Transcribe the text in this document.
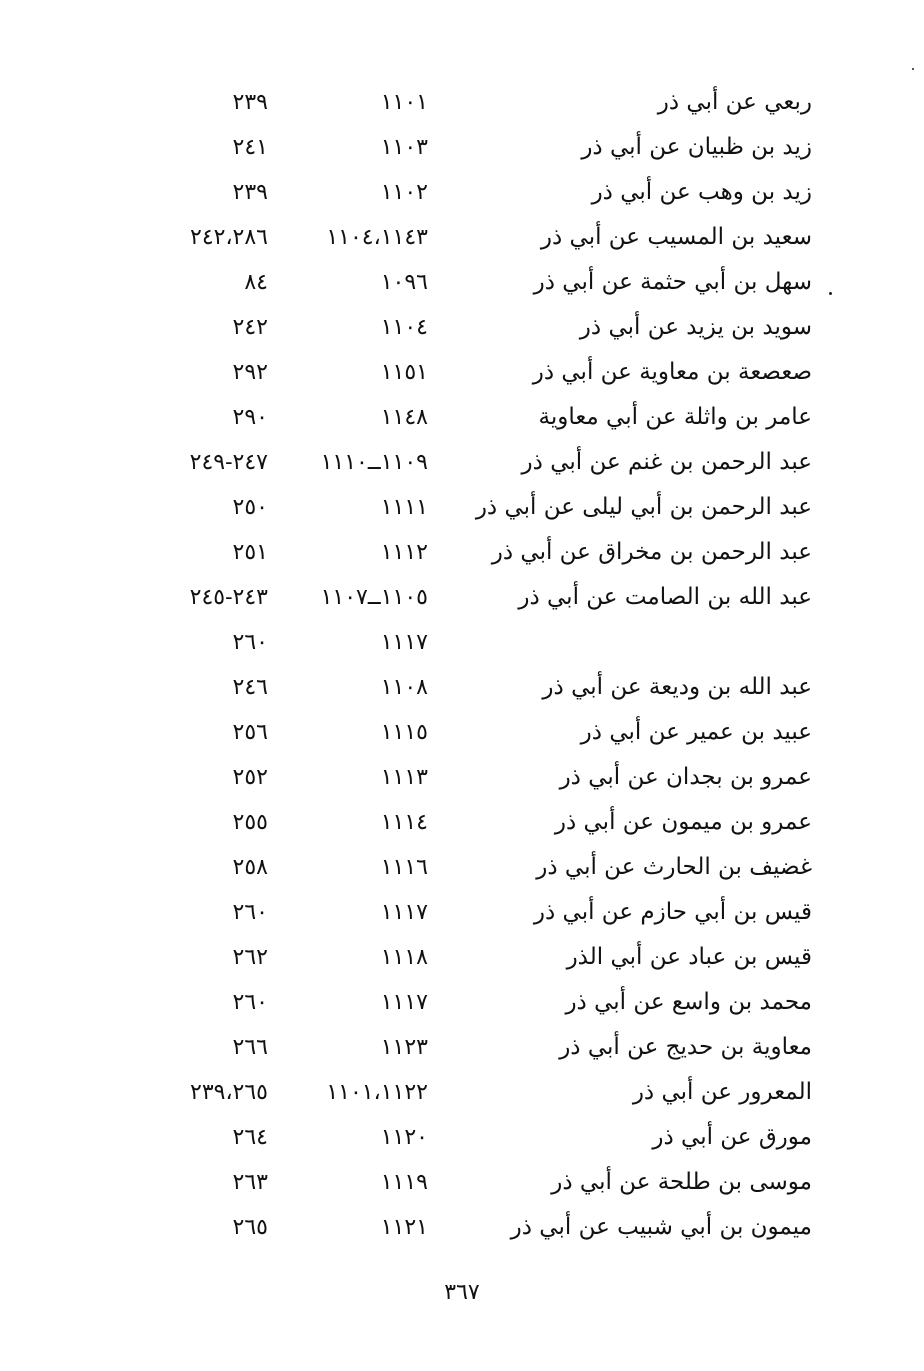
ربعي عن أبي ذر
١١٠١
٢٣٩
زيد بن ظبيان عن أبي ذر
١١٠٣
٢٤١
زيد بن وهب عن أبي ذر
١١٠٢
٢٣٩
سعيد بن المسيب عن أبي ذر
١١٠٤،١١٤٣
٢٤٢،٢٨٦
سهل بن أبي حثمة عن أبي ذر
١٠٩٦
٨٤
سويد بن يزيد عن أبي ذر
١١٠٤
٢٤٢
صعصعة بن معاوية عن أبي ذر
١١٥١
٢٩٢
عامر بن واثلة عن أبي معاوية
١١٤٨
٢٩٠
عبد الرحمن بن غنم عن أبي ذر
١١٠٩ــ١١١٠
٢٤٧-٢٤٩
عبد الرحمن بن أبي ليلى عن أبي ذر
١١١١
٢٥٠
عبد الرحمن بن مخراق عن أبي ذر
١١١٢
٢٥١
عبد الله بن الصامت عن أبي ذر
١١٠٥ــ١١٠٧
٢٤٣-٢٤٥
١١١٧
٢٦٠
عبد الله بن وديعة عن أبي ذر
١١٠٨
٢٤٦
عبيد بن عمير عن أبي ذر
١١١٥
٢٥٦
عمرو بن بجدان عن أبي ذر
١١١٣
٢٥٢
عمرو بن ميمون عن أبي ذر
١١١٤
٢٥٥
غضيف بن الحارث عن أبي ذر
١١١٦
٢٥٨
قيس بن أبي حازم عن أبي ذر
١١١٧
٢٦٠
قيس بن عباد عن أبي الذر
١١١٨
٢٦٢
محمد بن واسع عن أبي ذر
١١١٧
٢٦٠
معاوية بن حديج عن أبي ذر
١١٢٣
٢٦٦
المعرور عن أبي ذر
١١٠١،١١٢٢
٢٣٩،٢٦٥
مورق عن أبي ذر
١١٢٠
٢٦٤
موسى بن طلحة عن أبي ذر
١١١٩
٢٦٣
ميمون بن أبي شبيب عن أبي ذر
١١٢١
٢٦٥
٣٦٧
